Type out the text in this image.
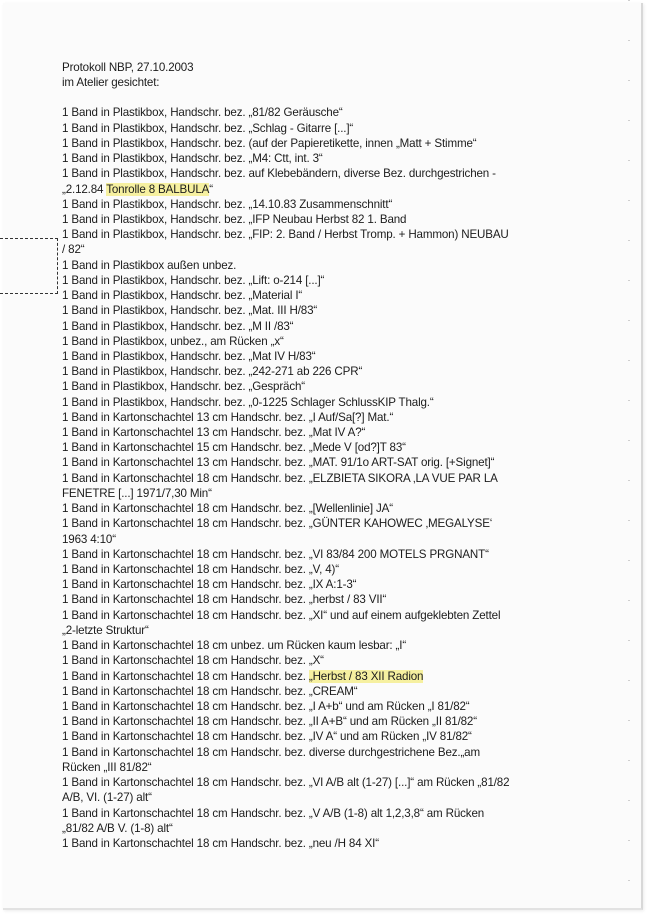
Protokoll NBP, 27.10.2003
im Atelier gesichtet:
1 Band in Plastikbox, Handschr. bez. „81/82 Geräusche“
1 Band in Plastikbox, Handschr. bez. „Schlag - Gitarre [...]“
1 Band in Plastikbox, Handschr. bez. (auf der Papieretikette, innen „Matt + Stimme“
1 Band in Plastikbox, Handschr. bez. „M4: Ctt, int. 3“
1 Band in Plastikbox, Handschr. bez. auf Klebebändern, diverse Bez. durchgestrichen -
„2.12.84 Tonrolle 8 BALBULA“
1 Band in Plastikbox, Handschr. bez. „14.10.83 Zusammenschnitt“
1 Band in Plastikbox, Handschr. bez. „IFP Neubau Herbst 82 1. Band
1 Band in Plastikbox, Handschr. bez. „FIP: 2. Band / Herbst Tromp. + Hammon) NEUBAU
/ 82“
1 Band in Plastikbox außen unbez.
1 Band in Plastikbox, Handschr. bez. „Lift: o-214 [...]“
1 Band in Plastikbox, Handschr. bez. „Material I“
1 Band in Plastikbox, Handschr. bez. „Mat. III H/83“
1 Band in Plastikbox, Handschr. bez. „M II /83“
1 Band in Plastikbox, unbez., am Rücken „x“
1 Band in Plastikbox, Handschr. bez. „Mat IV H/83“
1 Band in Plastikbox, Handschr. bez. „242-271 ab 226 CPR“
1 Band in Plastikbox, Handschr. bez. „Gespräch“
1 Band in Plastikbox, Handschr. bez. „0-1225 Schlager SchlussKIP Thalg.“
1 Band in Kartonschachtel 13 cm Handschr. bez. „I Auf/Sa[?] Mat.“
1 Band in Kartonschachtel 13 cm Handschr. bez. „Mat IV A?“
1 Band in Kartonschachtel 15 cm Handschr. bez. „Mede V [od?]T 83“
1 Band in Kartonschachtel 13 cm Handschr. bez. „MAT. 91/1o ART-SAT orig. [+Signet]“
1 Band in Kartonschachtel 18 cm Handschr. bez. „ELZBIETA SIKORA ‚LA VUE PAR LA
FENETRE [...] 1971/7,30 Min“
1 Band in Kartonschachtel 18 cm Handschr. bez. „[Wellenlinie] JA“
1 Band in Kartonschachtel 18 cm Handschr. bez. „GÜNTER KAHOWEC ‚MEGALYSE‘
1963 4:10“
1 Band in Kartonschachtel 18 cm Handschr. bez. „VI 83/84 200 MOTELS PRGNANT“
1 Band in Kartonschachtel 18 cm Handschr. bez. „V, 4)“
1 Band in Kartonschachtel 18 cm Handschr. bez. „IX A:1-3“
1 Band in Kartonschachtel 18 cm Handschr. bez. „herbst / 83 VII“
1 Band in Kartonschachtel 18 cm Handschr. bez. „XI“ und auf einem aufgeklebten Zettel
„2-letzte Struktur“
1 Band in Kartonschachtel 18 cm unbez. um Rücken kaum lesbar: „I“
1 Band in Kartonschachtel 18 cm Handschr. bez. „X“
1 Band in Kartonschachtel 18 cm Handschr. bez. „Herbst / 83 XII Radion
1 Band in Kartonschachtel 18 cm Handschr. bez. „CREAM“
1 Band in Kartonschachtel 18 cm Handschr. bez. „I A+b“ und am Rücken „I 81/82“
1 Band in Kartonschachtel 18 cm Handschr. bez. „II A+B“ und am Rücken „II 81/82“
1 Band in Kartonschachtel 18 cm Handschr. bez. „IV A“ und am Rücken „IV 81/82“
1 Band in Kartonschachtel 18 cm Handschr. bez. diverse durchgestrichene Bez.„am
Rücken „III 81/82“
1 Band in Kartonschachtel 18 cm Handschr. bez. „VI A/B alt (1-27) [...]“ am Rücken „81/82
A/B, VI. (1-27) alt“
1 Band in Kartonschachtel 18 cm Handschr. bez. „V A/B (1-8) alt 1,2,3,8“ am Rücken
„81/82 A/B V. (1-8) alt“
1 Band in Kartonschachtel 18 cm Handschr. bez. „neu /H 84 XI“
